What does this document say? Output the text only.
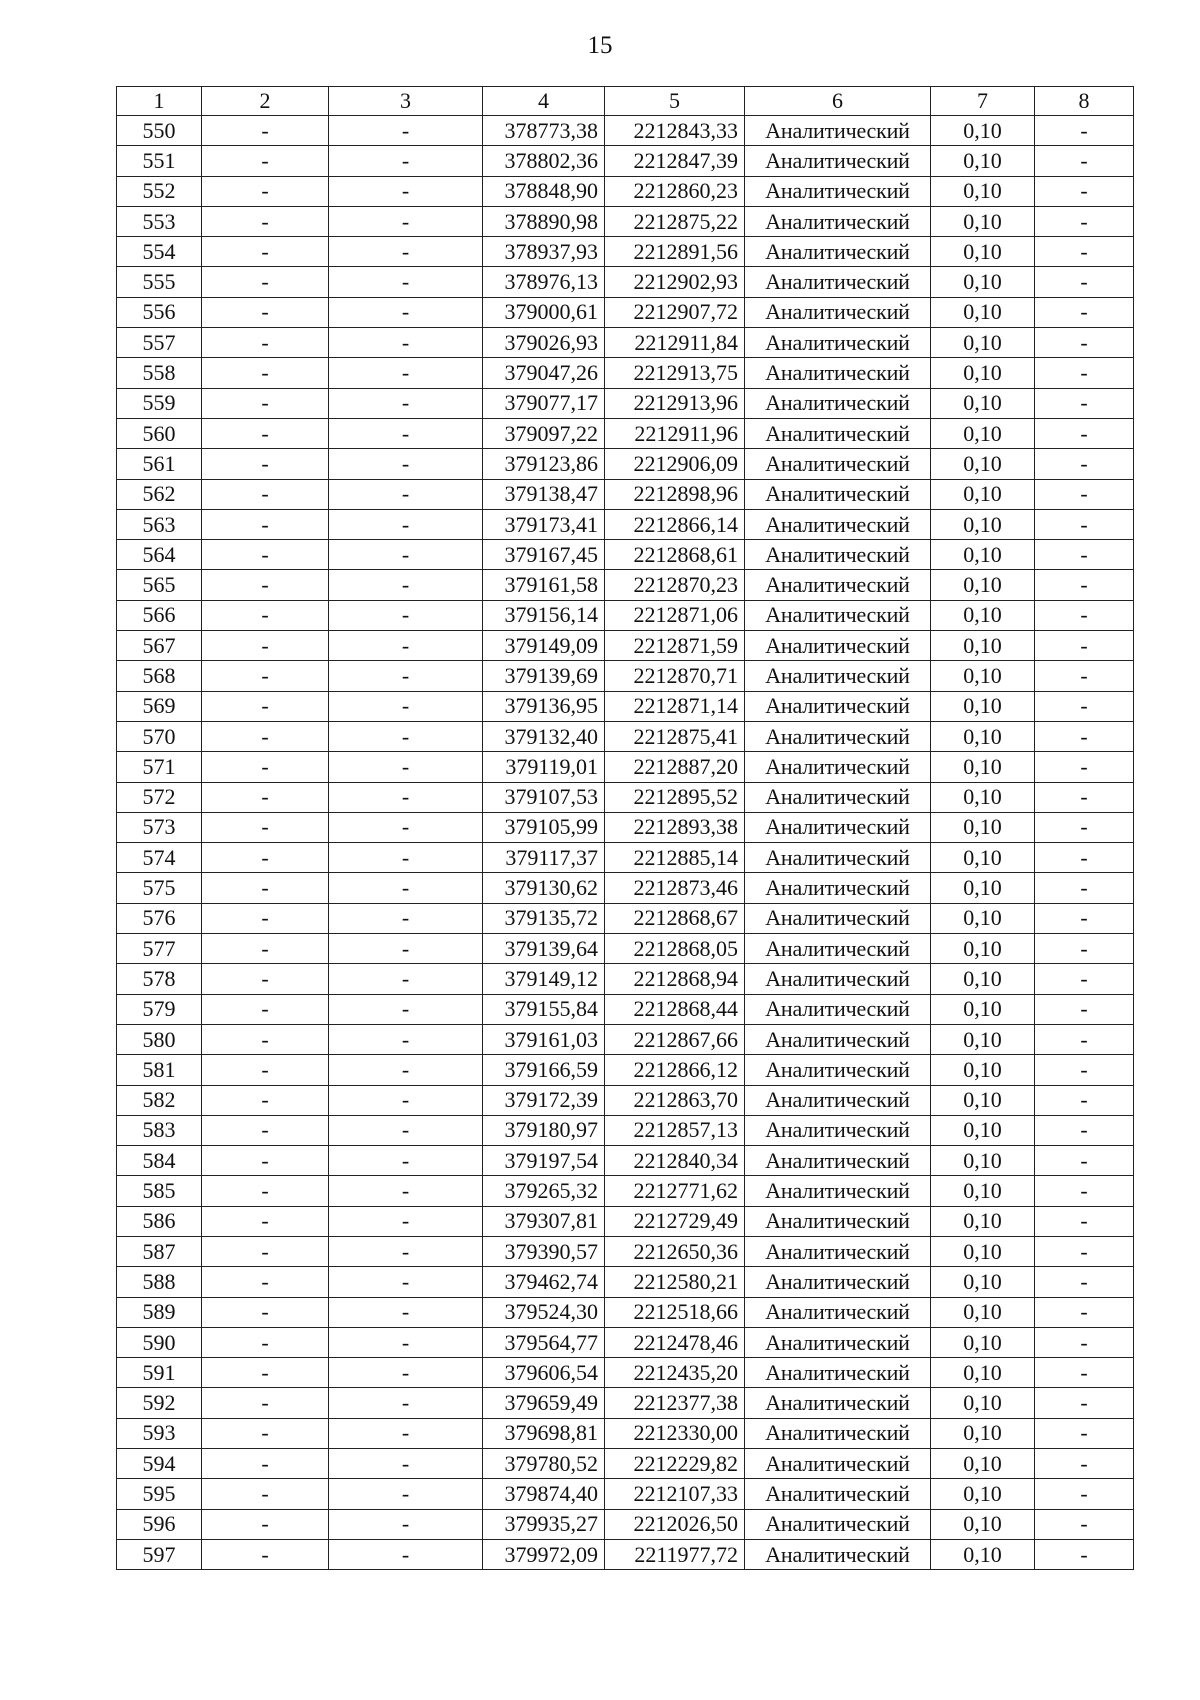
15
1	2	3	4	5	6	7	8
550	-	-	378773,38	2212843,33	Аналитический	0,10	-
551	-	-	378802,36	2212847,39	Аналитический	0,10	-
552	-	-	378848,90	2212860,23	Аналитический	0,10	-
553	-	-	378890,98	2212875,22	Аналитический	0,10	-
554	-	-	378937,93	2212891,56	Аналитический	0,10	-
555	-	-	378976,13	2212902,93	Аналитический	0,10	-
556	-	-	379000,61	2212907,72	Аналитический	0,10	-
557	-	-	379026,93	2212911,84	Аналитический	0,10	-
558	-	-	379047,26	2212913,75	Аналитический	0,10	-
559	-	-	379077,17	2212913,96	Аналитический	0,10	-
560	-	-	379097,22	2212911,96	Аналитический	0,10	-
561	-	-	379123,86	2212906,09	Аналитический	0,10	-
562	-	-	379138,47	2212898,96	Аналитический	0,10	-
563	-	-	379173,41	2212866,14	Аналитический	0,10	-
564	-	-	379167,45	2212868,61	Аналитический	0,10	-
565	-	-	379161,58	2212870,23	Аналитический	0,10	-
566	-	-	379156,14	2212871,06	Аналитический	0,10	-
567	-	-	379149,09	2212871,59	Аналитический	0,10	-
568	-	-	379139,69	2212870,71	Аналитический	0,10	-
569	-	-	379136,95	2212871,14	Аналитический	0,10	-
570	-	-	379132,40	2212875,41	Аналитический	0,10	-
571	-	-	379119,01	2212887,20	Аналитический	0,10	-
572	-	-	379107,53	2212895,52	Аналитический	0,10	-
573	-	-	379105,99	2212893,38	Аналитический	0,10	-
574	-	-	379117,37	2212885,14	Аналитический	0,10	-
575	-	-	379130,62	2212873,46	Аналитический	0,10	-
576	-	-	379135,72	2212868,67	Аналитический	0,10	-
577	-	-	379139,64	2212868,05	Аналитический	0,10	-
578	-	-	379149,12	2212868,94	Аналитический	0,10	-
579	-	-	379155,84	2212868,44	Аналитический	0,10	-
580	-	-	379161,03	2212867,66	Аналитический	0,10	-
581	-	-	379166,59	2212866,12	Аналитический	0,10	-
582	-	-	379172,39	2212863,70	Аналитический	0,10	-
583	-	-	379180,97	2212857,13	Аналитический	0,10	-
584	-	-	379197,54	2212840,34	Аналитический	0,10	-
585	-	-	379265,32	2212771,62	Аналитический	0,10	-
586	-	-	379307,81	2212729,49	Аналитический	0,10	-
587	-	-	379390,57	2212650,36	Аналитический	0,10	-
588	-	-	379462,74	2212580,21	Аналитический	0,10	-
589	-	-	379524,30	2212518,66	Аналитический	0,10	-
590	-	-	379564,77	2212478,46	Аналитический	0,10	-
591	-	-	379606,54	2212435,20	Аналитический	0,10	-
592	-	-	379659,49	2212377,38	Аналитический	0,10	-
593	-	-	379698,81	2212330,00	Аналитический	0,10	-
594	-	-	379780,52	2212229,82	Аналитический	0,10	-
595	-	-	379874,40	2212107,33	Аналитический	0,10	-
596	-	-	379935,27	2212026,50	Аналитический	0,10	-
597	-	-	379972,09	2211977,72	Аналитический	0,10	-
